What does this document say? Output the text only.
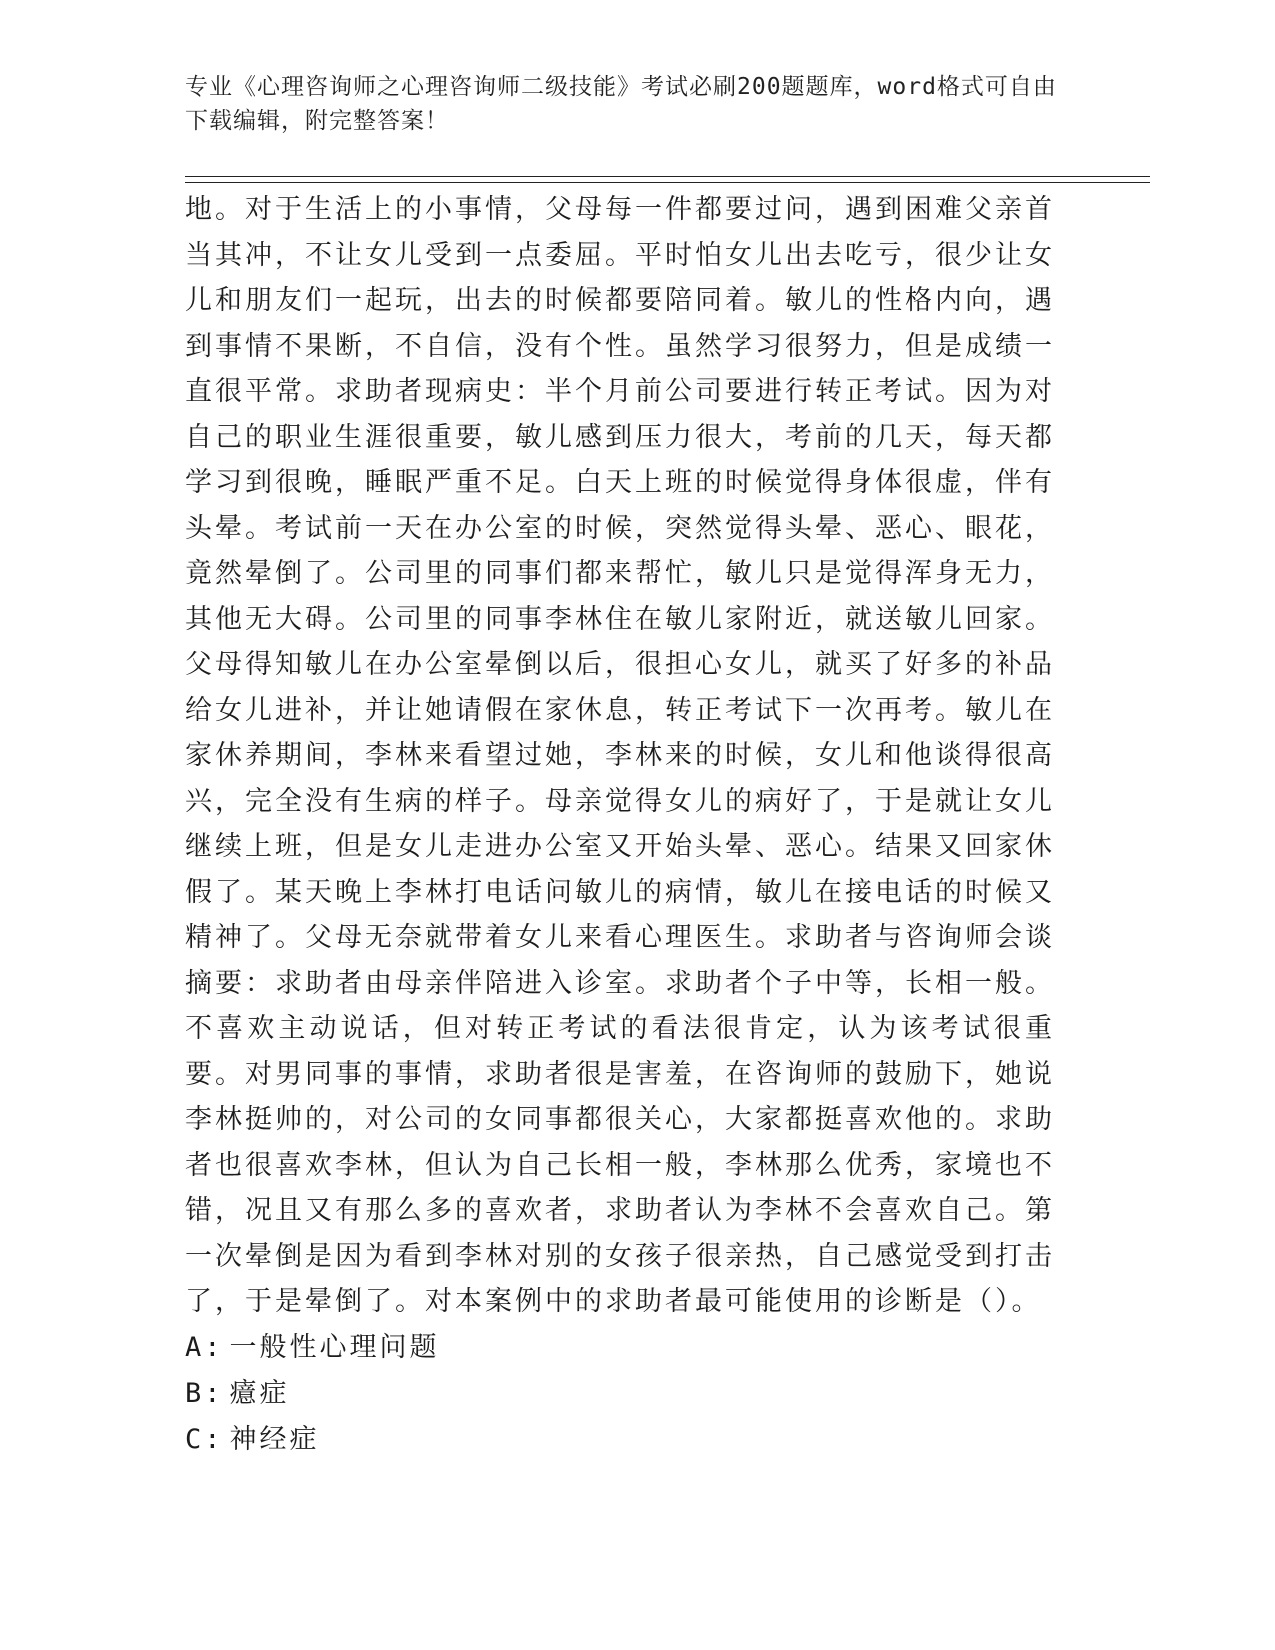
专业《心理咨询师之心理咨询师二级技能》考试必刷200题题库，word格式可自由下载编辑，附完整答案！
地。对于生活上的小事情，父母每一件都要过问，遇到困难父亲首当其冲，不让女儿受到一点委屈。平时怕女儿出去吃亏，很少让女儿和朋友们一起玩，出去的时候都要陪同着。敏儿的性格内向，遇到事情不果断，不自信，没有个性。虽然学习很努力，但是成绩一直很平常。求助者现病史：半个月前公司要进行转正考试。因为对自己的职业生涯很重要，敏儿感到压力很大，考前的几天，每天都学习到很晚，睡眠严重不足。白天上班的时候觉得身体很虚，伴有头晕。考试前一天在办公室的时候，突然觉得头晕、恶心、眼花，竟然晕倒了。公司里的同事们都来帮忙，敏儿只是觉得浑身无力，其他无大碍。公司里的同事李林住在敏儿家附近，就送敏儿回家。父母得知敏儿在办公室晕倒以后，很担心女儿，就买了好多的补品给女儿进补，并让她请假在家休息，转正考试下一次再考。敏儿在家休养期间，李林来看望过她，李林来的时候，女儿和他谈得很高兴，完全没有生病的样子。母亲觉得女儿的病好了，于是就让女儿继续上班，但是女儿走进办公室又开始头晕、恶心。结果又回家休假了。某天晚上李林打电话问敏儿的病情，敏儿在接电话的时候又精神了。父母无奈就带着女儿来看心理医生。求助者与咨询师会谈摘要：求助者由母亲伴陪进入诊室。求助者个子中等，长相一般。不喜欢主动说话，但对转正考试的看法很肯定，认为该考试很重要。对男同事的事情，求助者很是害羞，在咨询师的鼓励下，她说李林挺帅的，对公司的女同事都很关心，大家都挺喜欢他的。求助者也很喜欢李林，但认为自己长相一般，李林那么优秀，家境也不错，况且又有那么多的喜欢者，求助者认为李林不会喜欢自己。第一次晕倒是因为看到李林对别的女孩子很亲热，自己感觉受到打击了，于是晕倒了。对本案例中的求助者最可能使用的诊断是（）。
A: 一般性心理问题
B: 癔症
C: 神经症
